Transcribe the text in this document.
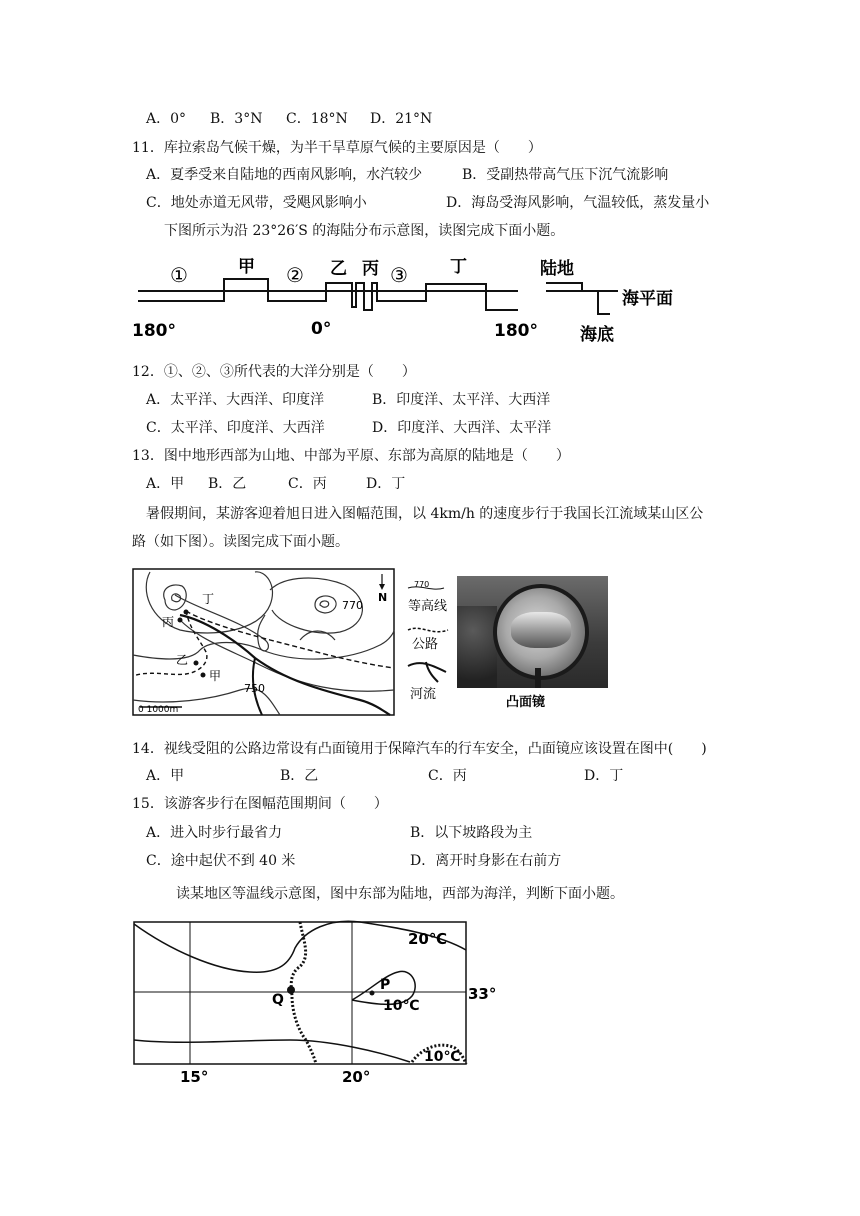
A．0° B．3°N C．18°N D．21°N
11．库拉索岛气候干燥，为半干旱草原气候的主要原因是（　　）
A．夏季受来自陆地的西南风影响，水汽较少	B．受副热带高气压下沉气流影响
C．地处赤道无风带，受飓风影响小	D．海岛受海风影响，气温较低，蒸发量小
下图所示为沿 23°26′S 的海陆分布示意图，读图完成下面小题。
①	甲 ② 乙 丙 ③ 丁
180°	0°	180°
陆地
海平面
海底
12．①、②、③所代表的大洋分别是（　　）
A．太平洋、大西洋、印度洋	B．印度洋、太平洋、大西洋
C．太平洋、印度洋、大西洋	D．印度洋、大西洋、太平洋
13．图中地形西部为山地、中部为平原、东部为高原的陆地是（　　）
A．甲 B．乙	C．丙	D．丁
暑假期间，某游客迎着旭日进入图幅范围，以 4km/h 的速度步行于我国长江流域某山区公
路（如下图）。读图完成下面小题。
丁
丙
乙
甲
770
750
N
0 1000m
770
等高线
公路
河流
凸面镜
14．视线受阻的公路边常设有凸面镜用于保障汽车的行车安全，凸面镜应该设置在图中(　　)
A．甲	B．乙	C．丙	D．丁
15．该游客步行在图幅范围期间（　　）
A．进入时步行最省力	B．以下坡路段为主
C．途中起伏不到 40 米	D．离开时身影在右前方
读某地区等温线示意图，图中东部为陆地，西部为海洋，判断下面小题。
20℃
10℃
10℃
P
Q	33°
15°	20°
